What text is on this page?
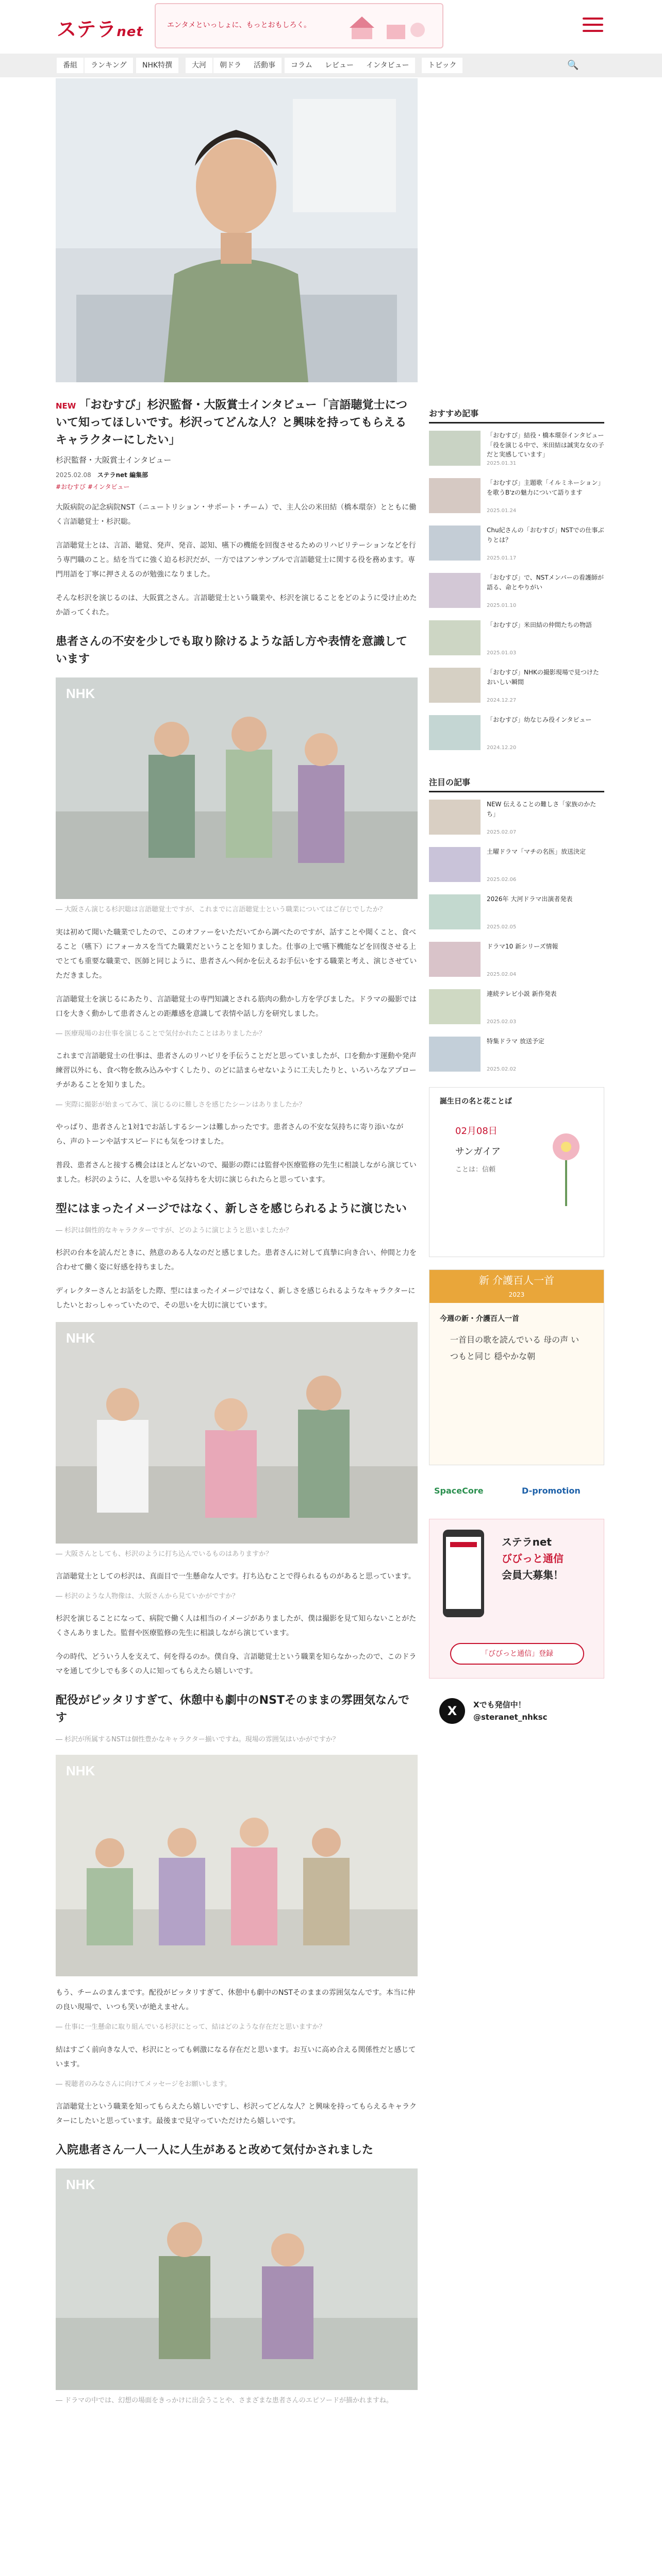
ステラnet	エンタメといっしょに、もっとおもしろく。
番組	ランキング	NHK特撰	大河	朝ドラ	活動事	コラム	レビュー	インタビュー	トピック	🔍
NEW 「おむすび」杉沢監督・大阪賞士インタビュー「言語聴覚士について知ってほしいです。杉沢ってどんな人？と興味を持ってもらえるキャラクターにしたい」
杉沢監督・大阪賞士インタビュー
2025.02.08　 ステラnet 編集部
#おむすび #インタビュー
大阪病院の記念病院NST（ニュートリション・サポート・チーム）で、主人公の米田結（橋本環奈）とともに働く言語聴覚士・杉沢聡。
言語聴覚士とは、言語、聴覚、発声、発音、認知、嚥下の機能を回復させるためのリハビリテーションなどを行う専門職のこと。結を当てに強く迫る杉沢だが、一方ではアンサンブルで言語聴覚士に関する役を務めます。専門用語を丁寧に押さえるのが勉強になりました。
そんな杉沢を演じるのは、大阪賞之さん。言語聴覚士という職業や、杉沢を演じることをどのように受け止めたか語ってくれた。
患者さんの不安を少しでも取り除けるような話し方や表情を意識しています
NHK
― 大阪さん演じる杉沢聡は言語聴覚士ですが、これまでに言語聴覚士という職業についてはご存じでしたか？
実は初めて聞いた職業でしたので、このオファーをいただいてから調べたのですが、話すことや聞くこと、食べること（嚥下）にフォーカスを当てた職業だということを知りました。仕事の上で嚥下機能などを回復させる上でとても重要な職業で、医師と同じように、患者さんへ何かを伝えるお手伝いをする職業と考え、演じさせていただきました。
言語聴覚士を演じるにあたり、言語聴覚士の専門知識とされる筋肉の動かし方を学びました。ドラマの撮影では口を大きく動かして患者さんとの距離感を意識して表情や話し方を研究しました。
― 医療現場のお仕事を演じることで気付かれたことはありましたか？
これまで言語聴覚士の仕事は、患者さんのリハビリを手伝うことだと思っていましたが、口を動かす運動や発声練習以外にも、食べ物を飲み込みやすくしたり、のどに詰まらせないように工夫したりと、いろいろなアプローチがあることを知りました。
― 実際に撮影が始まってみて、演じるのに難しさを感じたシーンはありましたか？
やっぱり、患者さんと1対1でお話しするシーンは難しかったです。患者さんの不安な気持ちに寄り添いながら、声のトーンや話すスピードにも気をつけました。
普段、患者さんと接する機会はほとんどないので、撮影の際には監督や医療監修の先生に相談しながら演じていました。杉沢のように、人を思いやる気持ちを大切に演じられたらと思っています。
型にはまったイメージではなく、新しさを感じられるように演じたい
― 杉沢は個性的なキャラクターですが、どのように演じようと思いましたか？
杉沢の台本を読んだときに、熱意のある人なのだと感じました。患者さんに対して真摯に向き合い、仲間と力を合わせて働く姿に好感を持ちました。
ディレクターさんとお話をした際、型にはまったイメージではなく、新しさを感じられるようなキャラクターにしたいとおっしゃっていたので、その思いを大切に演じています。
NHK
― 大阪さんとしても、杉沢のように打ち込んでいるものはありますか？
言語聴覚士としての杉沢は、真面目で一生懸命な人です。打ち込むことで得られるものがあると思っています。
― 杉沢のような人物像は、大阪さんから見ていかがですか？
杉沢を演じることになって、病院で働く人は相当のイメージがありましたが、僕は撮影を見て知らないことがたくさんありました。監督や医療監修の先生に相談しながら演じています。
今の時代、どういう人を支えて、何を得るのか。僕自身、言語聴覚士という職業を知らなかったので、このドラマを通して少しでも多くの人に知ってもらえたら嬉しいです。
配役がピッタリすぎて、休憩中も劇中のNSTそのままの雰囲気なんです
― 杉沢が所属するNSTは個性豊かなキャラクター揃いですね。現場の雰囲気はいかがですか？
NHK
もう、チームのまんまです。配役がピッタリすぎて、休憩中も劇中のNSTそのままの雰囲気なんです。本当に仲の良い現場で、いつも笑いが絶えません。
― 仕事に一生懸命に取り組んでいる杉沢にとって、結はどのような存在だと思いますか？
結はすごく前向きな人で、杉沢にとっても刺激になる存在だと思います。お互いに高め合える関係性だと感じています。
― 視聴者のみなさんに向けてメッセージをお願いします。
言語聴覚士という職業を知ってもらえたら嬉しいですし、杉沢ってどんな人？と興味を持ってもらえるキャラクターにしたいと思っています。最後まで見守っていただけたら嬉しいです。
入院患者さん一人一人に人生があると改めて気付かされました
NHK
― ドラマの中では、幻想の場面をきっかけに出会うことや、さまざまな患者さんのエピソードが描かれますね。
おすすめ記事
「おむすび」結役・橋本環奈インタビュー「役を演じる中で、米田結は誠実な女の子だと実感しています」
2025.01.31
「おむすび」主題歌「イルミネーション」を歌うB'zの魅力について語ります
2025.01.24
Chu紀さんの「おむすび」NSTでの仕事ぶりとは？
2025.01.17
「おむすび」で、NSTメンバーの看護師が語る、命とやりがい
2025.01.10
「おむすび」米田結の仲間たちの物語
2025.01.03
「おむすび」NHKの撮影現場で見つけたおいしい瞬間
2024.12.27
「おむすび」幼なじみ役インタビュー
2024.12.20
注目の記事
NEW 伝えることの難しさ「家族のかたち」
2025.02.07
土曜ドラマ「マチの名医」放送決定
2025.02.06
2026年 大河ドラマ出演者発表
2025.02.05
ドラマ10 新シリーズ情報
2025.02.04
連続テレビ小説 新作発表
2025.02.03
特集ドラマ 放送予定
2025.02.02
誕生日の名と花ことば
02月08日
サンガイア
ことは：信頼
新 介護百人一首
2023
今週の新・介護百人一首
一首目の歌を読んでいる 母の声 いつもと同じ 穏やかな朝
SpaceCore	D-promotion
ステラnet
びびっと通信
会員大募集！
「びびっと通信」登録
X	Xでも発信中！
@steranet_nhksc
